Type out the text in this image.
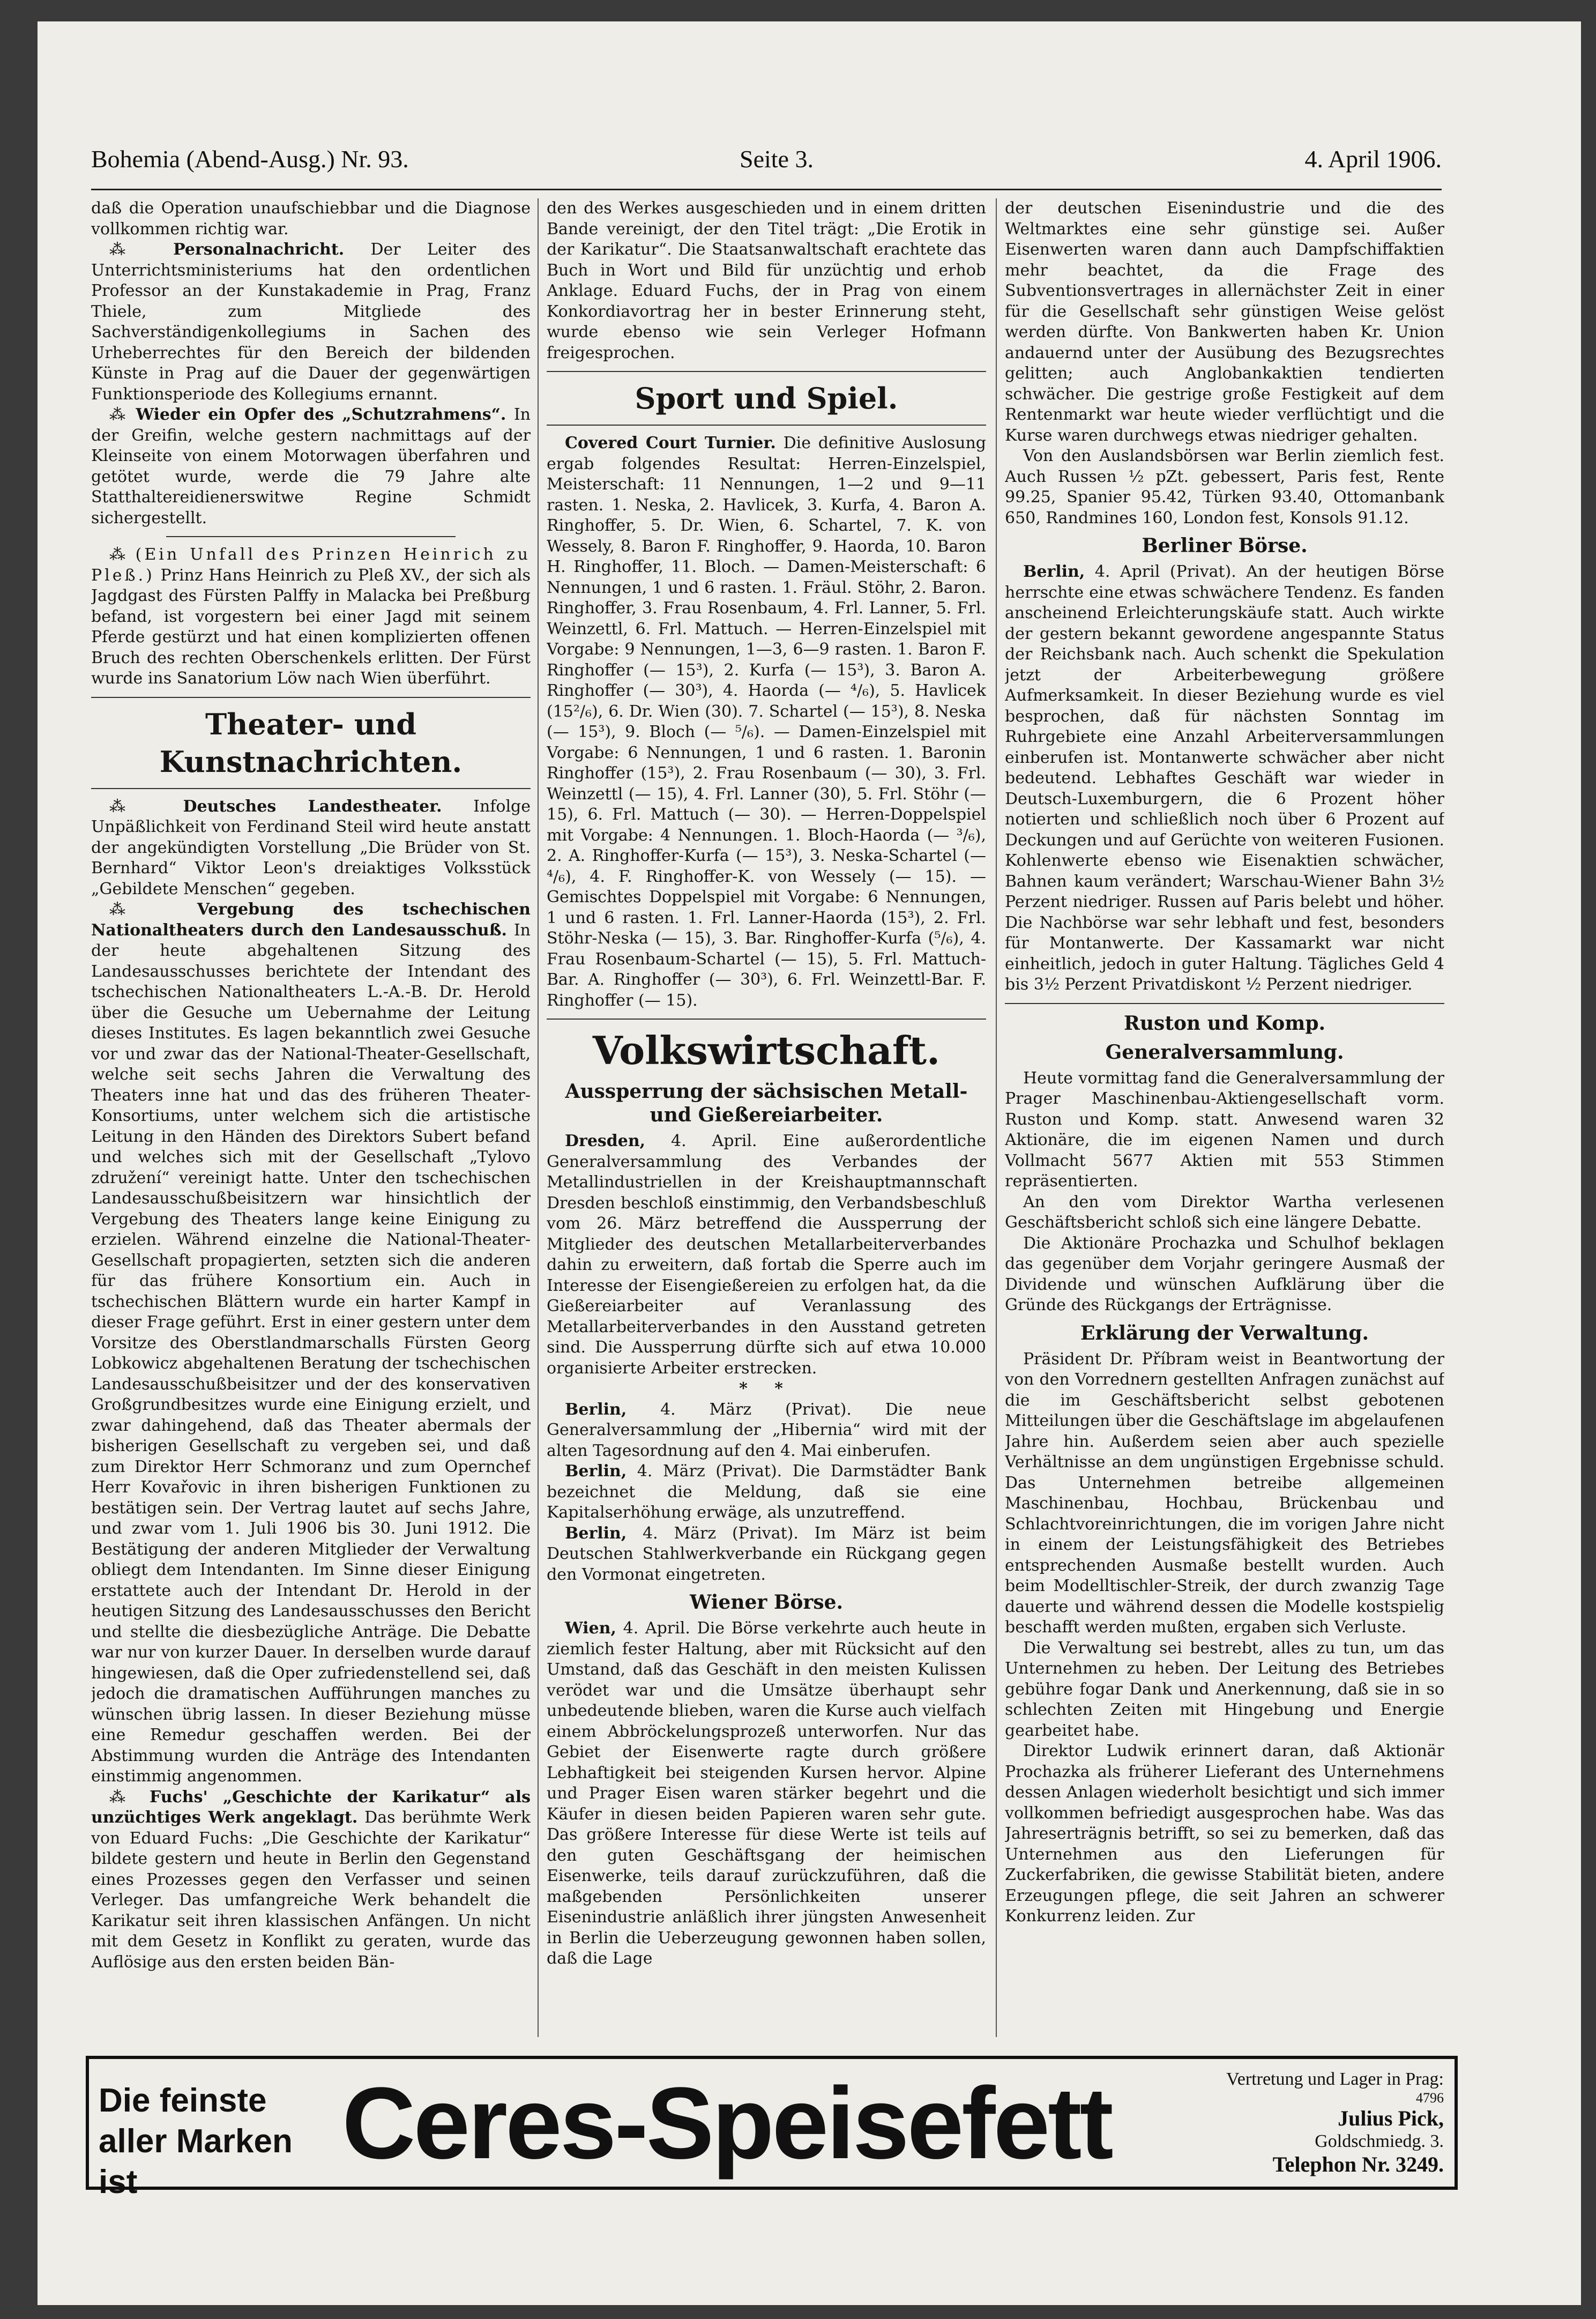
Bohemia (Abend-Ausg.) Nr. 93.	Seite 3.	4. April 1906.

daß die Operation unaufschiebbar und die Diagnose vollkommen richtig war.

⁂ Personalnachricht. Der Leiter des Unterrichtsministeriums hat den ordentlichen Professor an der Kunstakademie in Prag, Franz Thiele, zum Mitgliede des Sachverständigenkollegiums in Sachen des Urheberrechtes für den Bereich der bildenden Künste in Prag auf die Dauer der gegenwärtigen Funktionsperiode des Kollegiums ernannt.

⁂ Wieder ein Opfer des „Schutzrahmens“. In der Greifin, welche gestern nachmittags auf der Kleinseite von einem Motorwagen überfahren und getötet wurde, werde die 79 Jahre alte Statthaltereidienerswitwe Regine Schmidt sichergestellt.

⁂ (Ein Unfall des Prinzen Heinrich zu Pleß.) Prinz Hans Heinrich zu Pleß XV., der sich als Jagdgast des Fürsten Palffy in Malacka bei Preßburg befand, ist vorgestern bei einer Jagd mit seinem Pferde gestürzt und hat einen komplizierten offenen Bruch des rechten Oberschenkels erlitten. Der Fürst wurde ins Sanatorium Löw nach Wien überführt.

Theater- und Kunstnachrichten.

⁂ Deutsches Landestheater. Infolge Unpäßlichkeit von Ferdinand Steil wird heute anstatt der angekündigten Vorstellung „Die Brüder von St. Bernhard“ Viktor Leon's dreiaktiges Volksstück „Gebildete Menschen“ gegeben.

⁂ Vergebung des tschechischen Nationaltheaters durch den Landesausschuß. In der heute abgehaltenen Sitzung des Landesausschusses berichtete der Intendant des tschechischen Nationaltheaters L.-A.-B. Dr. Herold über die Gesuche um Uebernahme der Leitung dieses Institutes. Es lagen bekanntlich zwei Gesuche vor und zwar das der National-Theater-Gesellschaft, welche seit sechs Jahren die Verwaltung des Theaters inne hat und das des früheren Theater-Konsortiums, unter welchem sich die artistische Leitung in den Händen des Direktors Subert befand und welches sich mit der Gesellschaft „Tylovo združení“ vereinigt hatte. Unter den tschechischen Landesausschußbeisitzern war hinsichtlich der Vergebung des Theaters lange keine Einigung zu erzielen. Während einzelne die National-Theater-Gesellschaft propagierten, setzten sich die anderen für das frühere Konsortium ein. Auch in tschechischen Blättern wurde ein harter Kampf in dieser Frage geführt. Erst in einer gestern unter dem Vorsitze des Oberstlandmarschalls Fürsten Georg Lobkowicz abgehaltenen Beratung der tschechischen Landesausschußbeisitzer und der des konservativen Großgrundbesitzes wurde eine Einigung erzielt, und zwar dahingehend, daß das Theater abermals der bisherigen Gesellschaft zu vergeben sei, und daß zum Direktor Herr Schmoranz und zum Opernchef Herr Kovařovic in ihren bisherigen Funktionen zu bestätigen sein. Der Vertrag lautet auf sechs Jahre, und zwar vom 1. Juli 1906 bis 30. Juni 1912. Die Bestätigung der anderen Mitglieder der Verwaltung obliegt dem Intendanten. Im Sinne dieser Einigung erstattete auch der Intendant Dr. Herold in der heutigen Sitzung des Landesausschusses den Bericht und stellte die diesbezügliche Anträge. Die Debatte war nur von kurzer Dauer. In derselben wurde darauf hingewiesen, daß die Oper zufriedenstellend sei, daß jedoch die dramatischen Aufführungen manches zu wünschen übrig lassen. In dieser Beziehung müsse eine Remedur geschaffen werden. Bei der Abstimmung wurden die Anträge des Intendanten einstimmig angenommen.

⁂ Fuchs' „Geschichte der Karikatur“ als unzüchtiges Werk angeklagt. Das berühmte Werk von Eduard Fuchs: „Die Geschichte der Karikatur“ bildete gestern und heute in Berlin den Gegenstand eines Prozesses gegen den Verfasser und seinen Verleger. Das umfangreiche Werk behandelt die Karikatur seit ihren klassischen Anfängen. Un nicht mit dem Gesetz in Konflikt zu geraten, wurde das Auflösige aus den ersten beiden Bän-

den des Werkes ausgeschieden und in einem dritten Bande vereinigt, der den Titel trägt: „Die Erotik in der Karikatur“. Die Staatsanwaltschaft erachtete das Buch in Wort und Bild für unzüchtig und erhob Anklage. Eduard Fuchs, der in Prag von einem Konkordiavortrag her in bester Erinnerung steht, wurde ebenso wie sein Verleger Hofmann freigesprochen.

Sport und Spiel.

Covered Court Turnier. Die definitive Auslosung ergab folgendes Resultat: Herren-Einzelspiel, Meisterschaft: 11 Nennungen, 1—2 und 9—11 rasten. 1. Neska, 2. Havlicek, 3. Kurfa, 4. Baron A. Ringhoffer, 5. Dr. Wien, 6. Schartel, 7. K. von Wessely, 8. Baron F. Ringhoffer, 9. Haorda, 10. Baron H. Ringhoffer, 11. Bloch. — Damen-Meisterschaft: 6 Nennungen, 1 und 6 rasten. 1. Fräul. Stöhr, 2. Baron. Ringhoffer, 3. Frau Rosenbaum, 4. Frl. Lanner, 5. Frl. Weinzettl, 6. Frl. Mattuch. — Herren-Einzelspiel mit Vorgabe: 9 Nennungen, 1—3, 6—9 rasten. 1. Baron F. Ringhoffer (— 15³), 2. Kurfa (— 15³), 3. Baron A. Ringhoffer (— 30³), 4. Haorda (— ⁴/₆), 5. Havlicek (15²/₆), 6. Dr. Wien (30). 7. Schartel (— 15³), 8. Neska (— 15³), 9. Bloch (— ⁵/₆). — Damen-Einzelspiel mit Vorgabe: 6 Nennungen, 1 und 6 rasten. 1. Baronin Ringhoffer (15³), 2. Frau Rosenbaum (— 30), 3. Frl. Weinzettl (— 15), 4. Frl. Lanner (30), 5. Frl. Stöhr (— 15), 6. Frl. Mattuch (— 30). — Herren-Doppelspiel mit Vorgabe: 4 Nennungen. 1. Bloch-Haorda (— ³/₆), 2. A. Ringhoffer-Kurfa (— 15³), 3. Neska-Schartel (— ⁴/₆), 4. F. Ringhoffer-K. von Wessely (— 15). — Gemischtes Doppelspiel mit Vorgabe: 6 Nennungen, 1 und 6 rasten. 1. Frl. Lanner-Haorda (15³), 2. Frl. Stöhr-Neska (— 15), 3. Bar. Ringhoffer-Kurfa (⁵/₆), 4. Frau Rosenbaum-Schartel (— 15), 5. Frl. Mattuch-Bar. A. Ringhoffer (— 30³), 6. Frl. Weinzettl-Bar. F. Ringhoffer (— 15).

Volkswirtschaft.
Aussperrung der sächsischen Metall- und Gießereiarbeiter.

Dresden, 4. April. Eine außerordentliche Generalversammlung des Verbandes der Metallindustriellen in der Kreishauptmannschaft Dresden beschloß einstimmig, den Verbandsbeschluß vom 26. März betreffend die Aussperrung der Mitglieder des deutschen Metallarbeiterverbandes dahin zu erweitern, daß fortab die Sperre auch im Interesse der Eisengießereien zu erfolgen hat, da die Gießereiarbeiter auf Veranlassung des Metallarbeiterverbandes in den Ausstand getreten sind. Die Aussperrung dürfte sich auf etwa 10.000 organisierte Arbeiter erstrecken.

* *

Berlin, 4. März (Privat). Die neue Generalversammlung der „Hibernia“ wird mit der alten Tagesordnung auf den 4. Mai einberufen.

Berlin, 4. März (Privat). Die Darmstädter Bank bezeichnet die Meldung, daß sie eine Kapitalserhöhung erwäge, als unzutreffend.

Berlin, 4. März (Privat). Im März ist beim Deutschen Stahlwerkverbande ein Rückgang gegen den Vormonat eingetreten.

Wiener Börse.

Wien, 4. April. Die Börse verkehrte auch heute in ziemlich fester Haltung, aber mit Rücksicht auf den Umstand, daß das Geschäft in den meisten Kulissen verödet war und die Umsätze überhaupt sehr unbedeutende blieben, waren die Kurse auch vielfach einem Abbröckelungsprozeß unterworfen. Nur das Gebiet der Eisenwerte ragte durch größere Lebhaftigkeit bei steigenden Kursen hervor. Alpine und Prager Eisen waren stärker begehrt und die Käufer in diesen beiden Papieren waren sehr gute. Das größere Interesse für diese Werte ist teils auf den guten Geschäftsgang der heimischen Eisenwerke, teils darauf zurückzuführen, daß die maßgebenden Persönlichkeiten unserer Eisenindustrie anläßlich ihrer jüngsten Anwesenheit in Berlin die Ueberzeugung gewonnen haben sollen, daß die Lage

der deutschen Eisenindustrie und die des Weltmarktes eine sehr günstige sei. Außer Eisenwerten waren dann auch Dampfschiffaktien mehr beachtet, da die Frage des Subventionsvertrages in allernächster Zeit in einer für die Gesellschaft sehr günstigen Weise gelöst werden dürfte. Von Bankwerten haben Kr. Union andauernd unter der Ausübung des Bezugsrechtes gelitten; auch Anglobankaktien tendierten schwächer. Die gestrige große Festigkeit auf dem Rentenmarkt war heute wieder verflüchtigt und die Kurse waren durchwegs etwas niedriger gehalten.

Von den Auslandsbörsen war Berlin ziemlich fest. Auch Russen ½ pZt. gebessert, Paris fest, Rente 99.25, Spanier 95.42, Türken 93.40, Ottomanbank 650, Randmines 160, London fest, Konsols 91.12.

Berliner Börse.

Berlin, 4. April (Privat). An der heutigen Börse herrschte eine etwas schwächere Tendenz. Es fanden anscheinend Erleichterungskäufe statt. Auch wirkte der gestern bekannt gewordene angespannte Status der Reichsbank nach. Auch schenkt die Spekulation jetzt der Arbeiterbewegung größere Aufmerksamkeit. In dieser Beziehung wurde es viel besprochen, daß für nächsten Sonntag im Ruhrgebiete eine Anzahl Arbeiterversammlungen einberufen ist. Montanwerte schwächer aber nicht bedeutend. Lebhaftes Geschäft war wieder in Deutsch-Luxemburgern, die 6 Prozent höher notierten und schließlich noch über 6 Prozent auf Deckungen und auf Gerüchte von weiteren Fusionen. Kohlenwerte ebenso wie Eisenaktien schwächer, Bahnen kaum verändert; Warschau-Wiener Bahn 3½ Perzent niedriger. Russen auf Paris belebt und höher. Die Nachbörse war sehr lebhaft und fest, besonders für Montanwerte. Der Kassamarkt war nicht einheitlich, jedoch in guter Haltung. Tägliches Geld 4 bis 3½ Perzent Privatdiskont ½ Perzent niedriger.

Ruston und Komp.
Generalversammlung.

Heute vormittag fand die Generalversammlung der Prager Maschinenbau-Aktiengesellschaft vorm. Ruston und Komp. statt. Anwesend waren 32 Aktionäre, die im eigenen Namen und durch Vollmacht 5677 Aktien mit 553 Stimmen repräsentierten.

An den vom Direktor Wartha verlesenen Geschäftsbericht schloß sich eine längere Debatte.

Die Aktionäre Prochazka und Schulhof beklagen das gegenüber dem Vorjahr geringere Ausmaß der Dividende und wünschen Aufklärung über die Gründe des Rückgangs der Erträgnisse.

Erklärung der Verwaltung.

Präsident Dr. Příbram weist in Beantwortung der von den Vorrednern gestellten Anfragen zunächst auf die im Geschäftsbericht selbst gebotenen Mitteilungen über die Geschäftslage im abgelaufenen Jahre hin. Außerdem seien aber auch spezielle Verhältnisse an dem ungünstigen Ergebnisse schuld. Das Unternehmen betreibe allgemeinen Maschinenbau, Hochbau, Brückenbau und Schlachtvoreinrichtungen, die im vorigen Jahre nicht in einem der Leistungsfähigkeit des Betriebes entsprechenden Ausmaße bestellt wurden. Auch beim Modelltischler-Streik, der durch zwanzig Tage dauerte und während dessen die Modelle kostspielig beschafft werden mußten, ergaben sich Verluste.

Die Verwaltung sei bestrebt, alles zu tun, um das Unternehmen zu heben. Der Leitung des Betriebes gebühre fogar Dank und Anerkennung, daß sie in so schlechten Zeiten mit Hingebung und Energie gearbeitet habe.

Direktor Ludwik erinnert daran, daß Aktionär Prochazka als früherer Lieferant des Unternehmens dessen Anlagen wiederholt besichtigt und sich immer vollkommen befriedigt ausgesprochen habe. Was das Jahreserträgnis betrifft, so sei zu bemerken, daß das Unternehmen aus den Lieferungen für Zuckerfabriken, die gewisse Stabilität bieten, andere Erzeugungen pflege, die seit Jahren an schwerer Konkurrenz leiden. Zur

Die feinste aller Marken ist
Ceres-Speisefett	Vertretung und Lager in Prag:
4796
Julius Pick,
Goldschmiedg. 3.
Telephon Nr. 3249.
